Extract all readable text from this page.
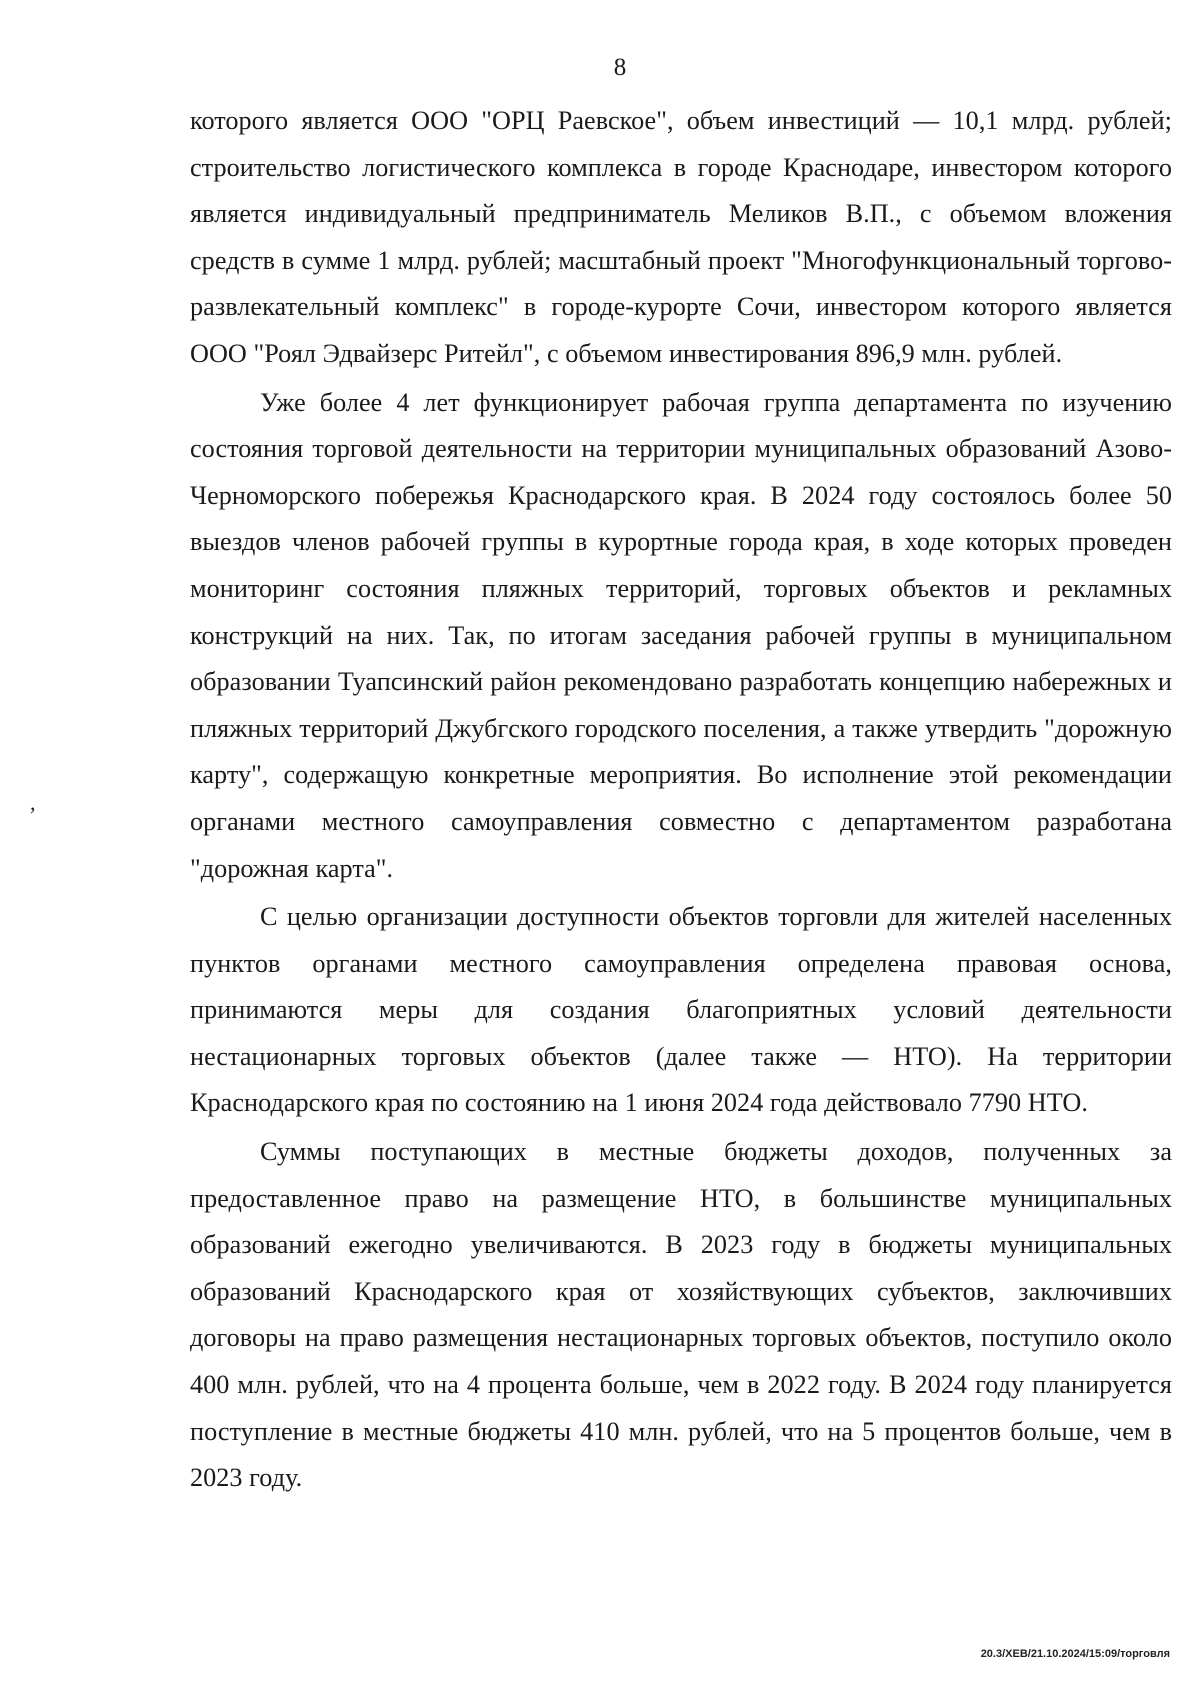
8

которого является ООО "ОРЦ Раевское", объем инвестиций — 10,1 млрд. рублей; строительство логистического комплекса в городе Краснодаре, инвестором которого является индивидуальный предприниматель Меликов В.П., с объемом вложения средств в сумме 1 млрд. рублей; масштабный проект "Многофункциональный торгово-развлекательный комплекс" в городе-курорте Сочи, инвестором которого является ООО "Роял Эдвайзерс Ритейл", с объемом инвестирования 896,9 млн. рублей.

Уже более 4 лет функционирует рабочая группа департамента по изучению состояния торговой деятельности на территории муниципальных образований Азово-Черноморского побережья Краснодарского края. В 2024 году состоялось более 50 выездов членов рабочей группы в курортные города края, в ходе которых проведен мониторинг состояния пляжных территорий, торговых объектов и рекламных конструкций на них. Так, по итогам заседания рабочей группы в муниципальном образовании Туапсинский район рекомендовано разработать концепцию набережных и пляжных территорий Джубгского городского поселения, а также утвердить "дорожную карту", содержащую конкретные мероприятия. Во исполнение этой рекомендации органами местного самоуправления совместно с департаментом разработана "дорожная карта".

С целью организации доступности объектов торговли для жителей населенных пунктов органами местного самоуправления определена правовая основа, принимаются меры для создания благоприятных условий деятельности нестационарных торговых объектов (далее также — НТО). На территории Краснодарского края по состоянию на 1 июня 2024 года действовало 7790 НТО.

Суммы поступающих в местные бюджеты доходов, полученных за предоставленное право на размещение НТО, в большинстве муниципальных образований ежегодно увеличиваются. В 2023 году в бюджеты муниципальных образований Краснодарского края от хозяйствующих субъектов, заключивших договоры на право размещения нестационарных торговых объектов, поступило около 400 млн. рублей, что на 4 процента больше, чем в 2022 году. В 2024 году планируется поступление в местные бюджеты 410 млн. рублей, что на 5 процентов больше, чем в 2023 году.

,
20.3/ХЕВ/21.10.2024/15:09/торговля
